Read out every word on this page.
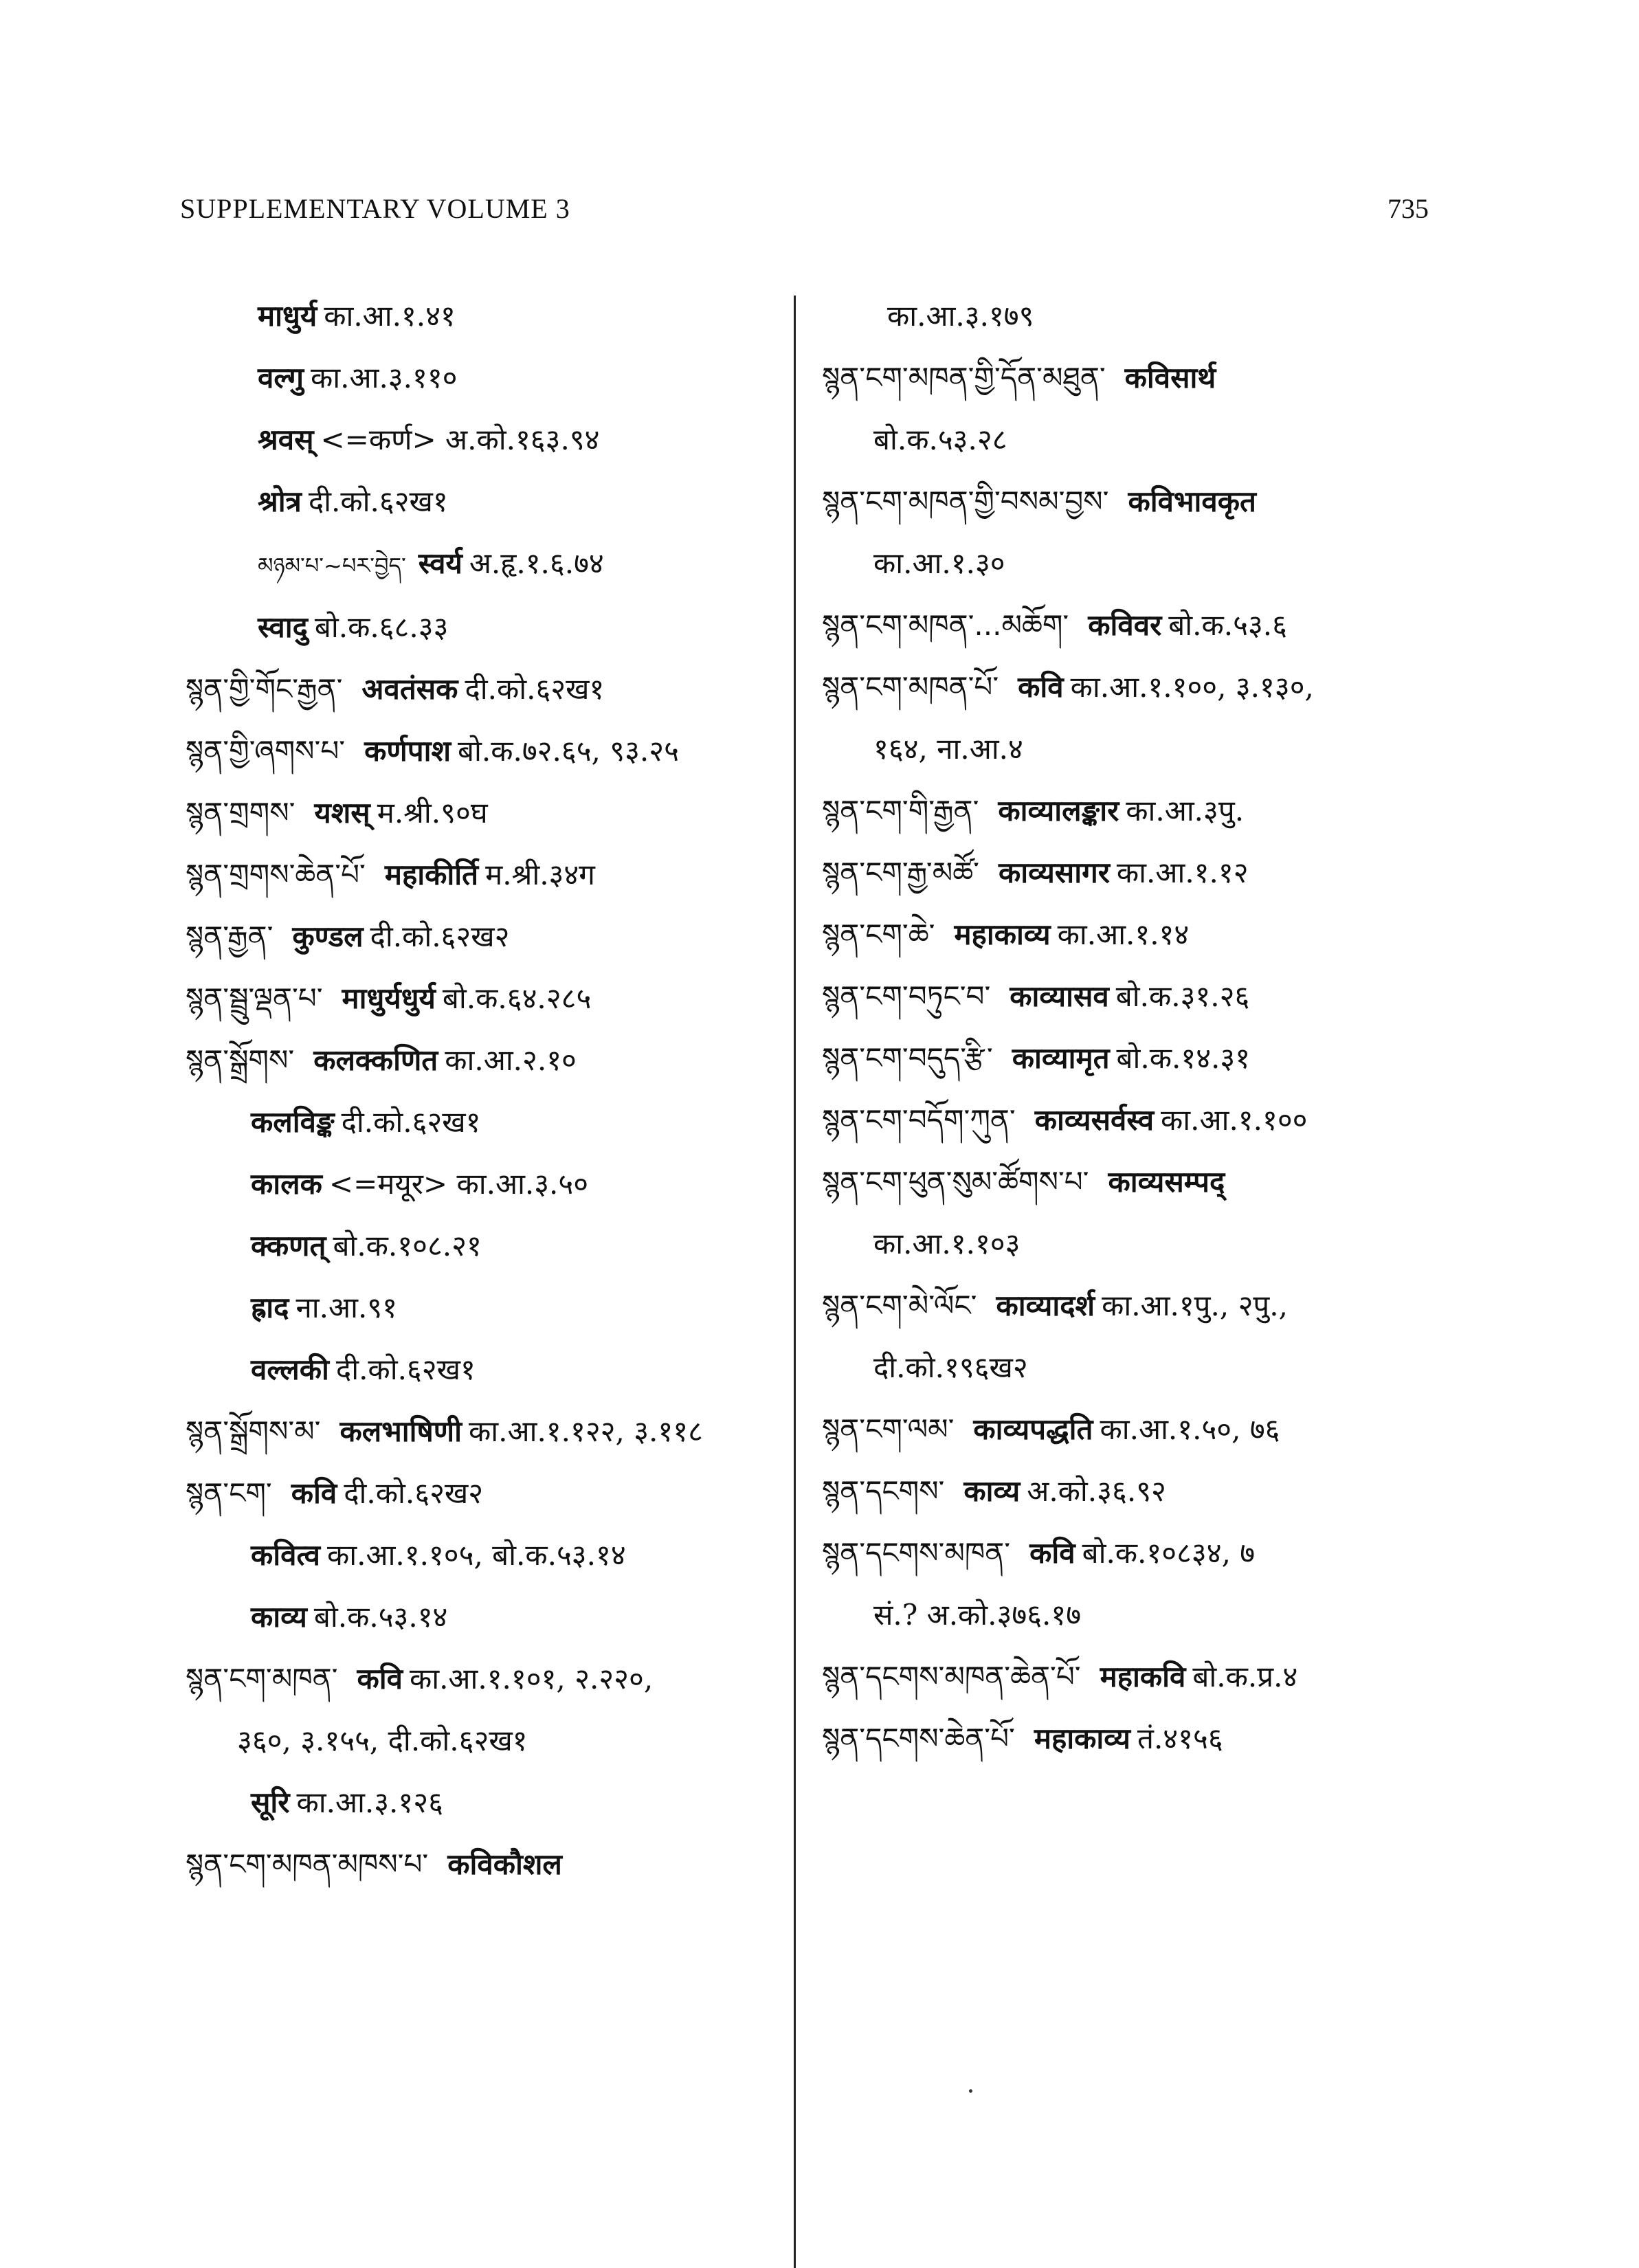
SUPPLEMENTARY VOLUME 3	735
माधुर्य का.आ.१.४१
वल्गु का.आ.३.११०
श्रवस् <=कर्ण> अ.को.१६३.९४
श्रोत्र दी.को.६२ख१
མཉམ་པ་~པར་བྱེད་ स्वर्य अ.हृ.१.६.७४
स्वादु बो.क.६८.३३
སྙན་གྱི་གོང་རྒྱན་ अवतंसक दी.को.६२ख१
སྙན་གྱི་ཞགས་པ་ कर्णपाश बो.क.७२.६५, ९३.२५
སྙན་གྲགས་ यशस् म.श्री.९०घ
སྙན་གྲགས་ཆེན་པོ་ महाकीर्ति म.श्री.३४ग
སྙན་རྒྱན་ कुण्डल दी.को.६२ख२
སྙན་སྦྲུ་ལྡན་པ་ माधुर्यधुर्य बो.क.६४.२८५
སྙན་སྒྲོགས་ कलक्कणित का.आ.२.१०
कलविङ्क दी.को.६२ख१
कालक <=मयूर> का.आ.३.५०
क्कणत् बो.क.१०८.२१
ह्राद ना.आ.९१
वल्लकी दी.को.६२ख१
སྙན་སྒྲོགས་མ་ कलभाषिणी का.आ.१.१२२, ३.११८
སྙན་ངག་ कवि दी.को.६२ख२
कवित्व का.आ.१.१०५, बो.क.५३.१४
काव्य बो.क.५३.१४
སྙན་ངག་མཁན་ कवि का.आ.१.१०१, २.२२०,
३६०, ३.१५५, दी.को.६२ख१
सूरि का.आ.३.१२६
སྙན་ངག་མཁན་མཁས་པ་ कविकौशल
का.आ.३.१७९
སྙན་ངག་མཁན་གྱི་དོན་མཐུན་ कविसार्थ
बो.क.५३.२८
སྙན་ངག་མཁན་གྱི་བསམ་བྱས་ कविभावकृत
का.आ.१.३०
སྙན་ངག་མཁན་...མཆོག་ कविवर बो.क.५३.६
སྙན་ངག་མཁན་པོ་ कवि का.आ.१.१००, ३.१३०,
१६४, ना.आ.४
སྙན་ངག་གི་རྒྱན་ काव्यालङ्कार का.आ.३पु.
སྙན་ངག་རྒྱ་མཚོ་ काव्यसागर का.आ.१.१२
སྙན་ངག་ཆེ་ महाकाव्य का.आ.१.१४
སྙན་ངག་བཏུང་བ་ काव्यासव बो.क.३१.२६
སྙན་ངག་བདུད་རྩི་ काव्यामृत बो.क.१४.३१
སྙན་ངག་བདོག་ཀུན་ काव्यसर्वस्व का.आ.१.१००
སྙན་ངག་ཕུན་སུམ་ཚོགས་པ་ काव्यसम्पद्
का.आ.१.१०३
སྙན་ངག་མེ་ལོང་ काव्यादर्श का.आ.१पु., २पु.,
दी.को.१९६ख२
སྙན་ངག་ལམ་ काव्यपद्धति का.आ.१.५०, ७६
སྙན་དངགས་ काव्य अ.को.३६.९२
སྙན་དངགས་མཁན་ कवि बो.क.१०८३४, ७
सं.? अ.को.३७६.१७
སྙན་དངགས་མཁན་ཆེན་པོ་ महाकवि बो.क.प्र.४
སྙན་དངགས་ཆེན་པོ་ महाकाव्य तं.४१५६
